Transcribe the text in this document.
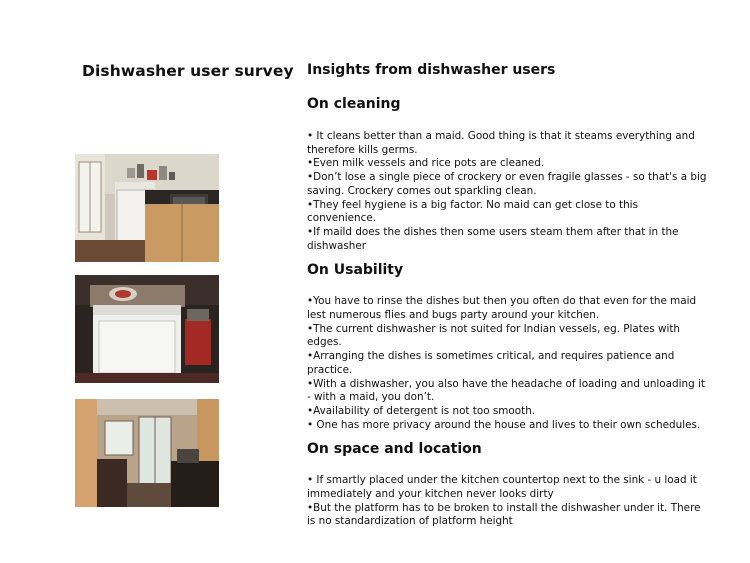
Dishwasher user survey Insights from dishwasher users
On cleaning
• It cleans better than a maid. Good thing is that it steams everything and therefore kills germs.
•Even milk vessels and rice pots are cleaned.
•Don’t lose a single piece of crockery or even fragile glasses - so that's a big saving. Crockery comes out sparkling clean.
•They feel hygiene is a big factor. No maid can get close to this convenience.
•If maild does the dishes then some users steam them after that in the dishwasher
On Usability
•You have to rinse the dishes but then you often do that even for the maid lest numerous flies and bugs party around your kitchen.
•The current dishwasher is not suited for Indian vessels, eg. Plates with edges.
•Arranging the dishes is sometimes critical, and requires patience and practice.
•With a dishwasher, you also have the headache of loading and unloading it - with a maid, you don’t.
•Availability of detergent is not too smooth.
• One has more privacy around the house and lives to their own schedules.
On space and location
• If smartly placed under the kitchen countertop next to the sink - u load it immediately and your kitchen never looks dirty
•But the platform has to be broken to install the dishwasher under it. There is no standardization of platform height
